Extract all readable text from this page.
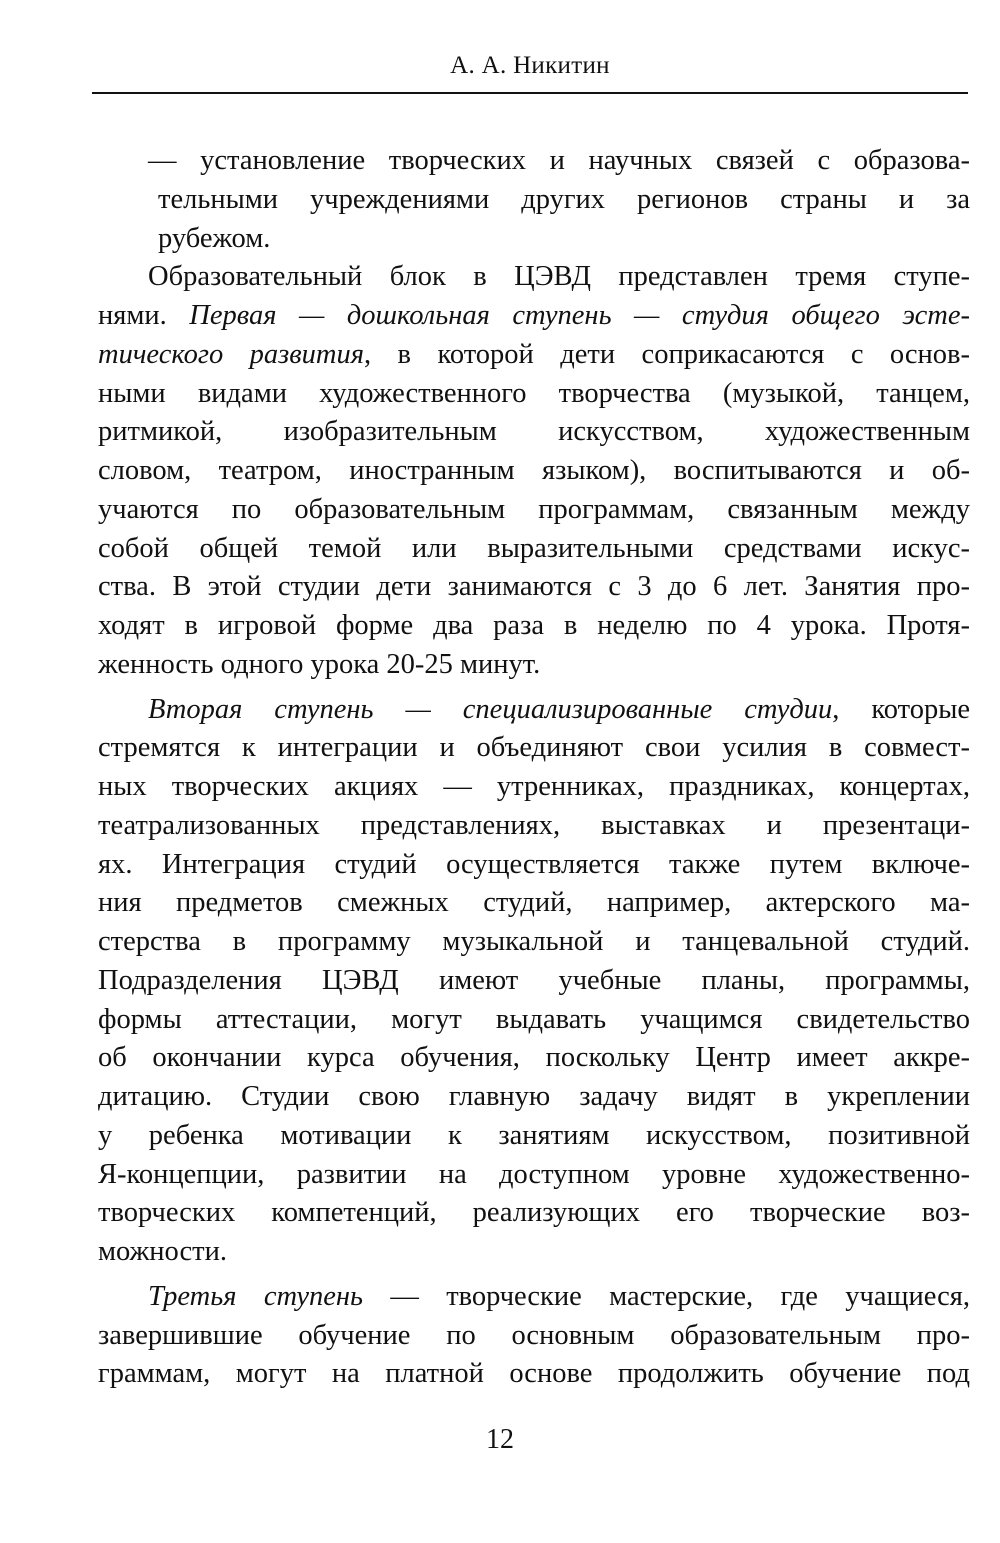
А. А. Никитин
— установление творческих и научных связей с образова-
тельными учреждениями других регионов страны и за
рубежом.
Образовательный блок в ЦЭВД представлен тремя ступе-
нями. Первая — дошкольная ступень — студия общего эсте-
тического развития, в которой дети соприкасаются с основ-
ными видами художественного творчества (музыкой, танцем,
ритмикой, изобразительным искусством, художественным
словом, театром, иностранным языком), воспитываются и об-
учаются по образовательным программам, связанным между
собой общей темой или выразительными средствами искус-
ства. В этой студии дети занимаются с 3 до 6 лет. Занятия про-
ходят в игровой форме два раза в неделю по 4 урока. Протя-
женность одного урока 20-25 минут.
Вторая ступень — специализированные студии, которые
стремятся к интеграции и объединяют свои усилия в совмест-
ных творческих акциях — утренниках, праздниках, концертах,
театрализованных представлениях, выставках и презентаци-
ях. Интеграция студий осуществляется также путем включе-
ния предметов смежных студий, например, актерского ма-
стерства в программу музыкальной и танцевальной студий.
Подразделения ЦЭВД имеют учебные планы, программы,
формы аттестации, могут выдавать учащимся свидетельство
об окончании курса обучения, поскольку Центр имеет аккре-
дитацию. Студии свою главную задачу видят в укреплении
у ребенка мотивации к занятиям искусством, позитивной
Я-концепции, развитии на доступном уровне художественно-
творческих компетенций, реализующих его творческие воз-
можности.
Третья ступень — творческие мастерские, где учащиеся,
завершившие обучение по основным образовательным про-
граммам, могут на платной основе продолжить обучение под
12
